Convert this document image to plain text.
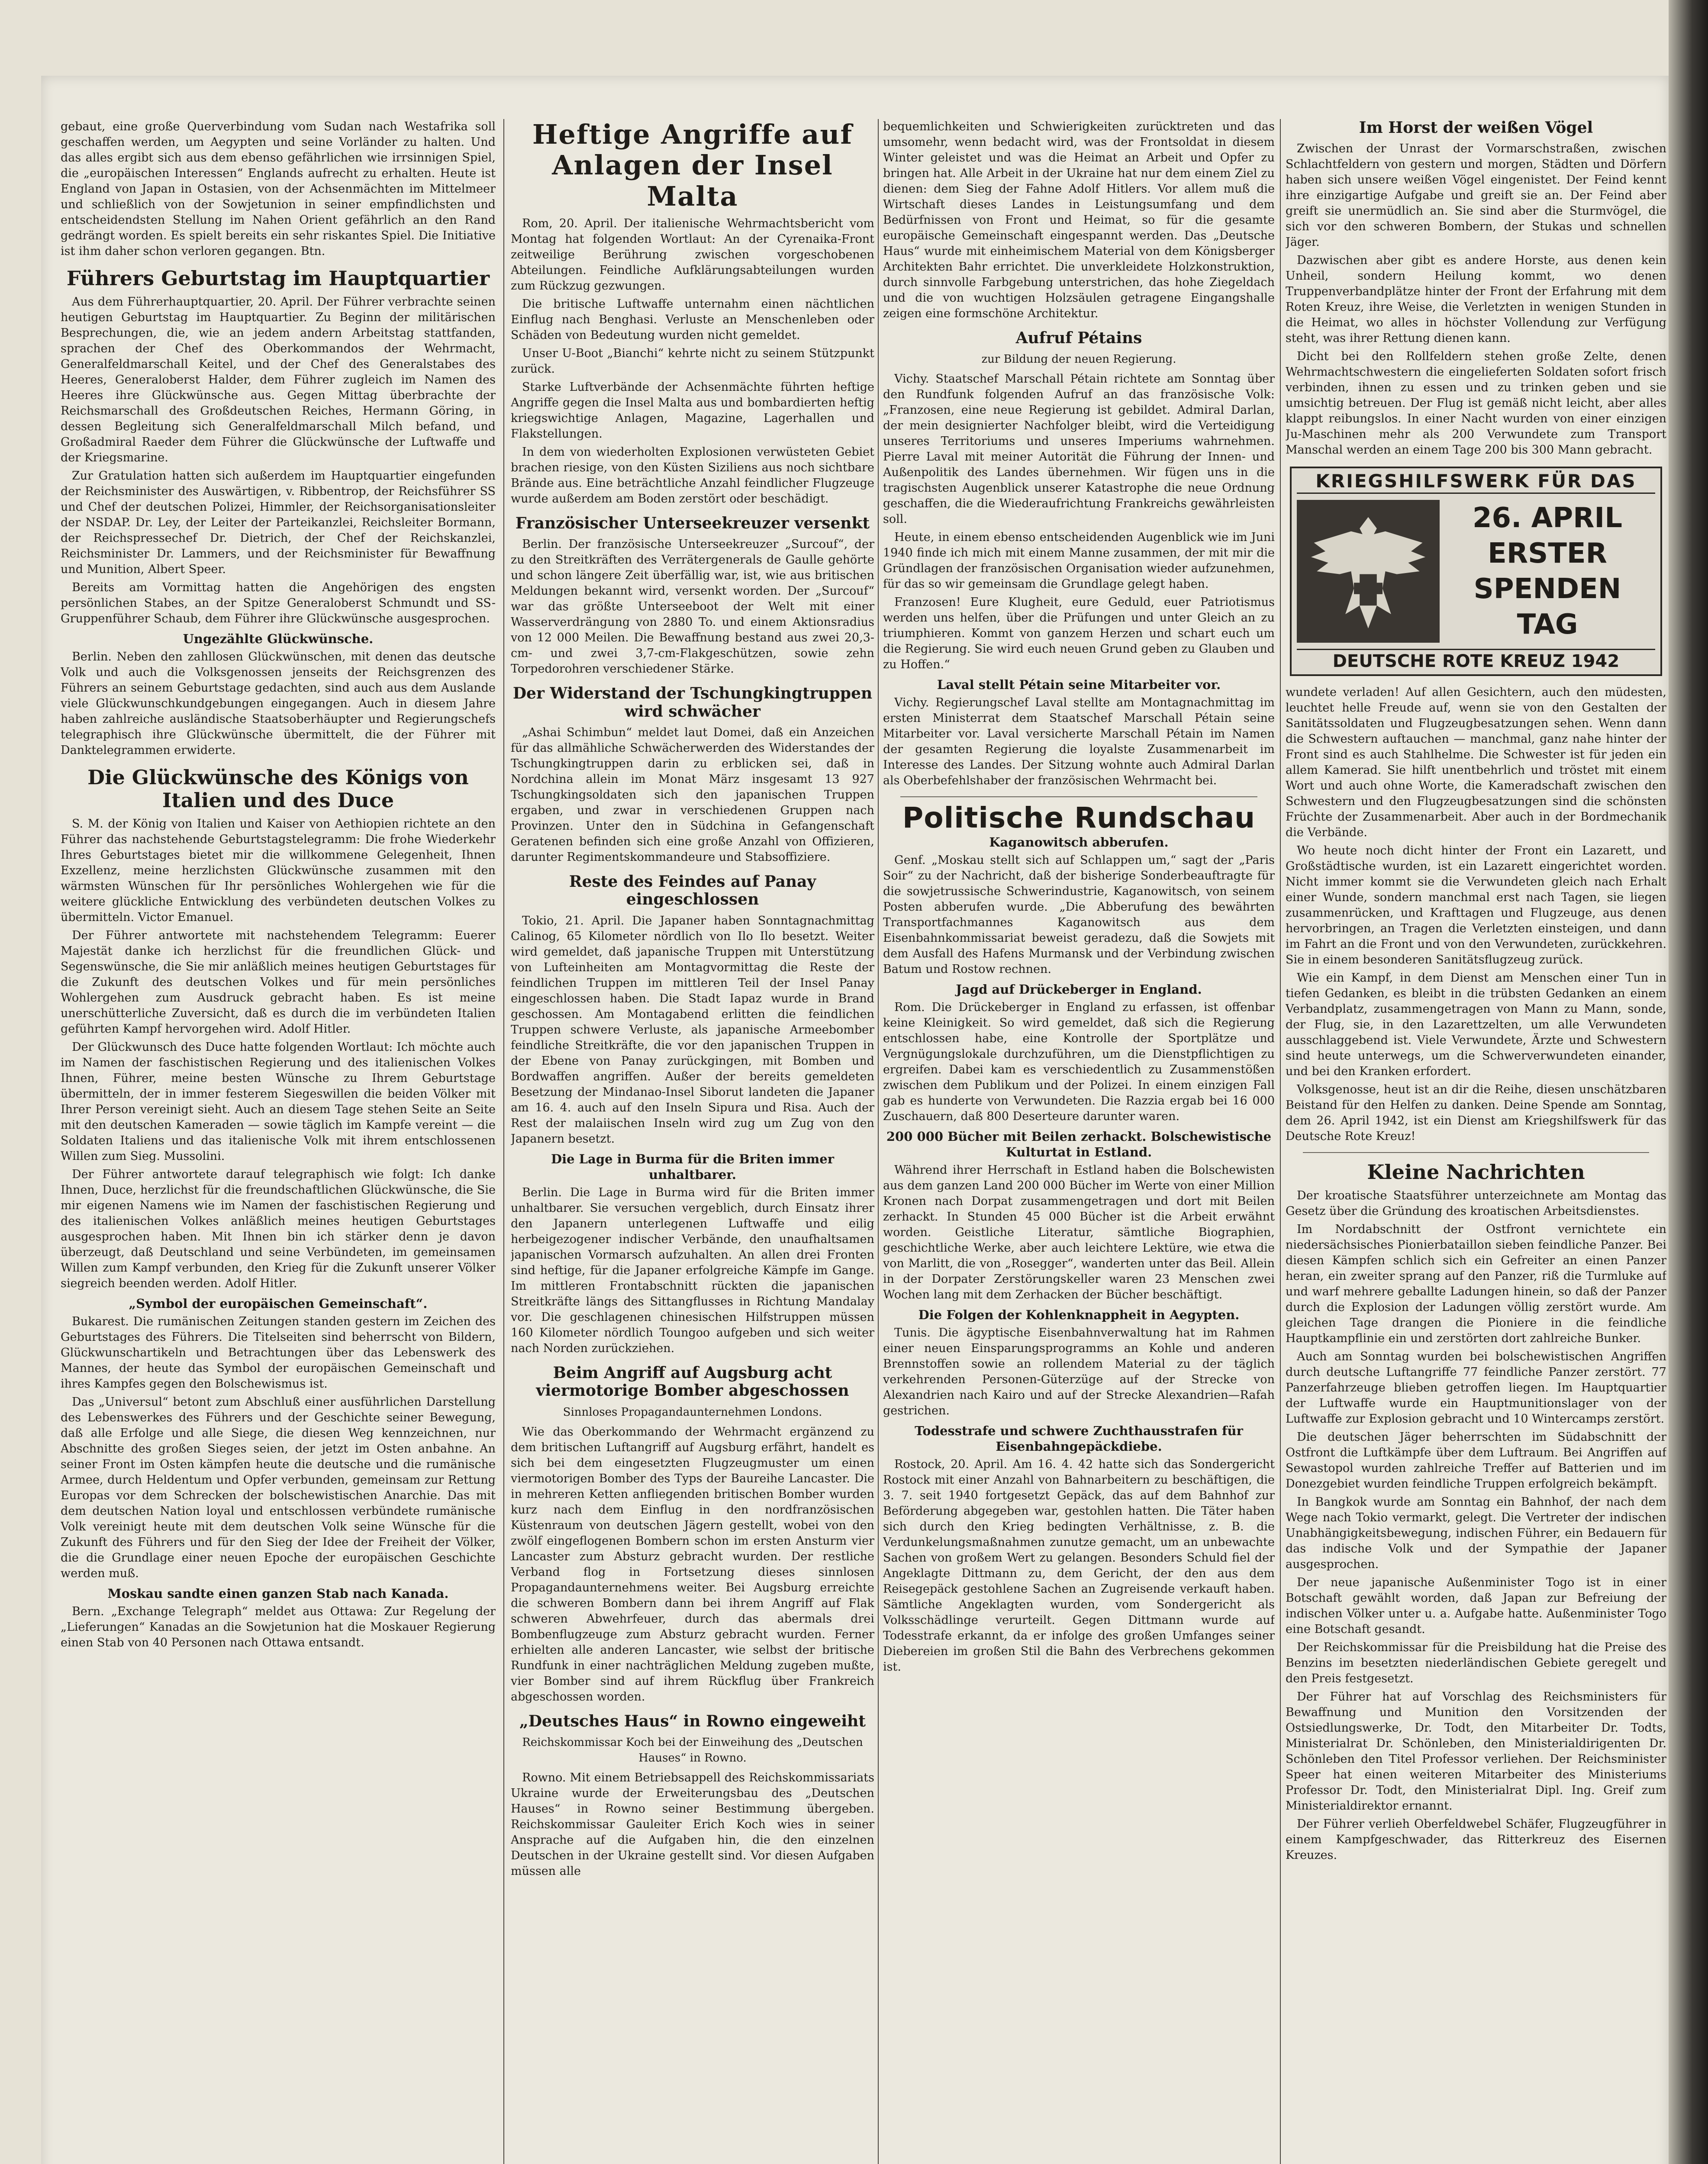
gebaut, eine große Querverbindung vom Sudan nach Westafrika soll geschaffen werden, um Aegypten und seine Vorländer zu halten. Und das alles ergibt sich aus dem ebenso gefährlichen wie irrsinnigen Spiel, die „europäischen Interessen“ Englands aufrecht zu erhalten. Heute ist England von Japan in Ostasien, von der Achsenmächten im Mittelmeer und schließlich von der Sowjetunion in seiner empfindlichsten und entscheidendsten Stellung im Nahen Orient gefährlich an den Rand gedrängt worden. Es spielt bereits ein sehr riskantes Spiel. Die Initiative ist ihm daher schon verloren gegangen. Btn.

Führers Geburtstag im Hauptquartier

Aus dem Führerhauptquartier, 20. April. Der Führer verbrachte seinen heutigen Geburtstag im Hauptquartier. Zu Beginn der militärischen Besprechungen, die, wie an jedem andern Arbeitstag stattfanden, sprachen der Chef des Oberkommandos der Wehrmacht, Generalfeldmarschall Keitel, und der Chef des Generalstabes des Heeres, Generaloberst Halder, dem Führer zugleich im Namen des Heeres ihre Glückwünsche aus. Gegen Mittag überbrachte der Reichsmarschall des Großdeutschen Reiches, Hermann Göring, in dessen Begleitung sich Generalfeldmarschall Milch befand, und Großadmiral Raeder dem Führer die Glückwünsche der Luftwaffe und der Kriegsmarine.

Zur Gratulation hatten sich außerdem im Hauptquartier eingefunden der Reichsminister des Auswärtigen, v. Ribbentrop, der Reichsführer SS und Chef der deutschen Polizei, Himmler, der Reichsorganisationsleiter der NSDAP. Dr. Ley, der Leiter der Parteikanzlei, Reichsleiter Bormann, der Reichspressechef Dr. Dietrich, der Chef der Reichskanzlei, Reichsminister Dr. Lammers, und der Reichsminister für Bewaffnung und Munition, Albert Speer.

Bereits am Vormittag hatten die Angehörigen des engsten persönlichen Stabes, an der Spitze Generaloberst Schmundt und SS-Gruppenführer Schaub, dem Führer ihre Glückwünsche ausgesprochen.

Ungezählte Glückwünsche.

Berlin. Neben den zahllosen Glückwünschen, mit denen das deutsche Volk und auch die Volksgenossen jenseits der Reichsgrenzen des Führers an seinem Geburtstage gedachten, sind auch aus dem Auslande viele Glückwunschkundgebungen eingegangen. Auch in diesem Jahre haben zahlreiche ausländische Staatsoberhäupter und Regierungschefs telegraphisch ihre Glückwünsche übermittelt, die der Führer mit Danktelegrammen erwiderte.

Die Glückwünsche des Königs von Italien und des Duce

S. M. der König von Italien und Kaiser von Aethiopien richtete an den Führer das nachstehende Geburtstagstelegramm: Die frohe Wiederkehr Ihres Geburtstages bietet mir die willkommene Gelegenheit, Ihnen Exzellenz, meine herzlichsten Glückwünsche zusammen mit den wärmsten Wünschen für Ihr persönliches Wohlergehen wie für die weitere glückliche Entwicklung des verbündeten deutschen Volkes zu übermitteln. Victor Emanuel.

Der Führer antwortete mit nachstehendem Telegramm: Euerer Majestät danke ich herzlichst für die freundlichen Glück- und Segenswünsche, die Sie mir anläßlich meines heutigen Geburtstages für die Zukunft des deutschen Volkes und für mein persönliches Wohlergehen zum Ausdruck gebracht haben. Es ist meine unerschütterliche Zuversicht, daß es durch die im verbündeten Italien geführten Kampf hervorgehen wird. Adolf Hitler.

Der Glückwunsch des Duce hatte folgenden Wortlaut: Ich möchte auch im Namen der faschistischen Regierung und des italienischen Volkes Ihnen, Führer, meine besten Wünsche zu Ihrem Geburtstage übermitteln, der in immer festerem Siegeswillen die beiden Völker mit Ihrer Person vereinigt sieht. Auch an diesem Tage stehen Seite an Seite mit den deutschen Kameraden — sowie täglich im Kampfe vereint — die Soldaten Italiens und das italienische Volk mit ihrem entschlossenen Willen zum Sieg. Mussolini.

Der Führer antwortete darauf telegraphisch wie folgt: Ich danke Ihnen, Duce, herzlichst für die freundschaftlichen Glückwünsche, die Sie mir eigenen Namens wie im Namen der faschistischen Regierung und des italienischen Volkes anläßlich meines heutigen Geburtstages ausgesprochen haben. Mit Ihnen bin ich stärker denn je davon überzeugt, daß Deutschland und seine Verbündeten, im gemeinsamen Willen zum Kampf verbunden, den Krieg für die Zukunft unserer Völker siegreich beenden werden. Adolf Hitler.

„Symbol der europäischen Gemeinschaft“.

Bukarest. Die rumänischen Zeitungen standen gestern im Zeichen des Geburtstages des Führers. Die Titelseiten sind beherrscht von Bildern, Glückwunschartikeln und Betrachtungen über das Lebenswerk des Mannes, der heute das Symbol der europäischen Gemeinschaft und ihres Kampfes gegen den Bolschewismus ist.

Das „Universul“ betont zum Abschluß einer ausführlichen Darstellung des Lebenswerkes des Führers und der Geschichte seiner Bewegung, daß alle Erfolge und alle Siege, die diesen Weg kennzeichnen, nur Abschnitte des großen Sieges seien, der jetzt im Osten anbahne. An seiner Front im Osten kämpfen heute die deutsche und die rumänische Armee, durch Heldentum und Opfer verbunden, gemeinsam zur Rettung Europas vor dem Schrecken der bolschewistischen Anarchie. Das mit dem deutschen Nation loyal und entschlossen verbündete rumänische Volk vereinigt heute mit dem deutschen Volk seine Wünsche für die Zukunft des Führers und für den Sieg der Idee der Freiheit der Völker, die die Grundlage einer neuen Epoche der europäischen Geschichte werden muß.

Moskau sandte einen ganzen Stab nach Kanada.

Bern. „Exchange Telegraph“ meldet aus Ottawa: Zur Regelung der „Lieferungen“ Kanadas an die Sowjetunion hat die Moskauer Regierung einen Stab von 40 Personen nach Ottawa entsandt.

Heftige Angriffe auf Anlagen der Insel Malta

Rom, 20. April. Der italienische Wehrmachtsbericht vom Montag hat folgenden Wortlaut: An der Cyrenaika-Front zeitweilige Berührung zwischen vorgeschobenen Abteilungen. Feindliche Aufklärungsabteilungen wurden zum Rückzug gezwungen.

Die britische Luftwaffe unternahm einen nächtlichen Einflug nach Benghasi. Verluste an Menschenleben oder Schäden von Bedeutung wurden nicht gemeldet.

Unser U-Boot „Bianchi“ kehrte nicht zu seinem Stützpunkt zurück.

Starke Luftverbände der Achsenmächte führten heftige Angriffe gegen die Insel Malta aus und bombardierten heftig kriegswichtige Anlagen, Magazine, Lagerhallen und Flakstellungen.

In dem von wiederholten Explosionen verwüsteten Gebiet brachen riesige, von den Küsten Siziliens aus noch sichtbare Brände aus. Eine beträchtliche Anzahl feindlicher Flugzeuge wurde außerdem am Boden zerstört oder beschädigt.

Französischer Unterseekreuzer versenkt

Berlin. Der französische Unterseekreuzer „Surcouf“, der zu den Streitkräften des Verrätergenerals de Gaulle gehörte und schon längere Zeit überfällig war, ist, wie aus britischen Meldungen bekannt wird, versenkt worden. Der „Surcouf“ war das größte Unterseeboot der Welt mit einer Wasserverdrängung von 2880 To. und einem Aktionsradius von 12 000 Meilen. Die Bewaffnung bestand aus zwei 20,3-cm- und zwei 3,7-cm-Flakgeschützen, sowie zehn Torpedorohren verschiedener Stärke.

Der Widerstand der Tschungkingtruppen wird schwächer

„Ashai Schimbun“ meldet laut Domei, daß ein Anzeichen für das allmähliche Schwächerwerden des Widerstandes der Tschungkingtruppen darin zu erblicken sei, daß in Nordchina allein im Monat März insgesamt 13 927 Tschungkingsoldaten sich den japanischen Truppen ergaben, und zwar in verschiedenen Gruppen nach Provinzen. Unter den in Südchina in Gefangenschaft Geratenen befinden sich eine große Anzahl von Offizieren, darunter Regimentskommandeure und Stabsoffiziere.

Reste des Feindes auf Panay eingeschlossen

Tokio, 21. April. Die Japaner haben Sonntagnachmittag Calinog, 65 Kilometer nördlich von Ilo Ilo besetzt. Weiter wird gemeldet, daß japanische Truppen mit Unterstützung von Lufteinheiten am Montagvormittag die Reste der feindlichen Truppen im mittleren Teil der Insel Panay eingeschlossen haben. Die Stadt Iapaz wurde in Brand geschossen. Am Montagabend erlitten die feindlichen Truppen schwere Verluste, als japanische Armeebomber feindliche Streitkräfte, die vor den japanischen Truppen in der Ebene von Panay zurückgingen, mit Bomben und Bordwaffen angriffen. Außer der bereits gemeldeten Besetzung der Mindanao-Insel Siborut landeten die Japaner am 16. 4. auch auf den Inseln Sipura und Risa. Auch der Rest der malaiischen Inseln wird zug um Zug von den Japanern besetzt.

Die Lage in Burma für die Briten immer unhaltbarer.

Berlin. Die Lage in Burma wird für die Briten immer unhaltbarer. Sie versuchen vergeblich, durch Einsatz ihrer den Japanern unterlegenen Luftwaffe und eilig herbeigezogener indischer Verbände, den unaufhaltsamen japanischen Vormarsch aufzuhalten. An allen drei Fronten sind heftige, für die Japaner erfolgreiche Kämpfe im Gange. Im mittleren Frontabschnitt rückten die japanischen Streitkräfte längs des Sittangflusses in Richtung Mandalay vor. Die geschlagenen chinesischen Hilfstruppen müssen 160 Kilometer nördlich Toungoo aufgeben und sich weiter nach Norden zurückziehen.

Beim Angriff auf Augsburg acht viermotorige Bomber abgeschossen
Sinnloses Propagandaunternehmen Londons.

Wie das Oberkommando der Wehrmacht ergänzend zu dem britischen Luftangriff auf Augsburg erfährt, handelt es sich bei dem eingesetzten Flugzeugmuster um einen viermotorigen Bomber des Typs der Baureihe Lancaster. Die in mehreren Ketten anfliegenden britischen Bomber wurden kurz nach dem Einflug in den nordfranzösischen Küstenraum von deutschen Jägern gestellt, wobei von den zwölf eingeflogenen Bombern schon im ersten Ansturm vier Lancaster zum Absturz gebracht wurden. Der restliche Verband flog in Fortsetzung dieses sinnlosen Propagandaunternehmens weiter. Bei Augsburg erreichte die schweren Bombern dann bei ihrem Angriff auf Flak schweren Abwehrfeuer, durch das abermals drei Bombenflugzeuge zum Absturz gebracht wurden. Ferner erhielten alle anderen Lancaster, wie selbst der britische Rundfunk in einer nachträglichen Meldung zugeben mußte, vier Bomber sind auf ihrem Rückflug über Frankreich abgeschossen worden.

„Deutsches Haus“ in Rowno eingeweiht
Reichskommissar Koch bei der Einweihung des „Deutschen Hauses“ in Rowno.

Rowno. Mit einem Betriebsappell des Reichskommissariats Ukraine wurde der Erweiterungsbau des „Deutschen Hauses“ in Rowno seiner Bestimmung übergeben. Reichskommissar Gauleiter Erich Koch wies in seiner Ansprache auf die Aufgaben hin, die den einzelnen Deutschen in der Ukraine gestellt sind. Vor diesen Aufgaben müssen alle

bequemlichkeiten und Schwierigkeiten zurücktreten und das umsomehr, wenn bedacht wird, was der Frontsoldat in diesem Winter geleistet und was die Heimat an Arbeit und Opfer zu bringen hat. Alle Arbeit in der Ukraine hat nur dem einem Ziel zu dienen: dem Sieg der Fahne Adolf Hitlers. Vor allem muß die Wirtschaft dieses Landes in Leistungsumfang und dem Bedürfnissen von Front und Heimat, so für die gesamte europäische Gemeinschaft eingespannt werden. Das „Deutsche Haus“ wurde mit einheimischem Material von dem Königsberger Architekten Bahr errichtet. Die unverkleidete Holzkonstruktion, durch sinnvolle Farbgebung unterstrichen, das hohe Ziegeldach und die von wuchtigen Holzsäulen getragene Eingangshalle zeigen eine formschöne Architektur.

Aufruf Pétains
zur Bildung der neuen Regierung.

Vichy. Staatschef Marschall Pétain richtete am Sonntag über den Rundfunk folgenden Aufruf an das französische Volk: „Franzosen, eine neue Regierung ist gebildet. Admiral Darlan, der mein designierter Nachfolger bleibt, wird die Verteidigung unseres Territoriums und unseres Imperiums wahrnehmen. Pierre Laval mit meiner Autorität die Führung der Innen- und Außenpolitik des Landes übernehmen. Wir fügen uns in die tragischsten Augenblick unserer Katastrophe die neue Ordnung geschaffen, die die Wiederaufrichtung Frankreichs gewährleisten soll.

Heute, in einem ebenso entscheidenden Augenblick wie im Juni 1940 finde ich mich mit einem Manne zusammen, der mit mir die Gründlagen der französischen Organisation wieder aufzunehmen, für das so wir gemeinsam die Grundlage gelegt haben.

Franzosen! Eure Klugheit, eure Geduld, euer Patriotismus werden uns helfen, über die Prüfungen und unter Gleich an zu triumphieren. Kommt von ganzem Herzen und schart euch um die Regierung. Sie wird euch neuen Grund geben zu Glauben und zu Hoffen.“

Laval stellt Pétain seine Mitarbeiter vor.

Vichy. Regierungschef Laval stellte am Montagnachmittag im ersten Ministerrat dem Staatschef Marschall Pétain seine Mitarbeiter vor. Laval versicherte Marschall Pétain im Namen der gesamten Regierung die loyalste Zusammenarbeit im Interesse des Landes. Der Sitzung wohnte auch Admiral Darlan als Oberbefehlshaber der französischen Wehrmacht bei.

Politische Rundschau
Kaganowitsch abberufen.

Genf. „Moskau stellt sich auf Schlappen um,“ sagt der „Paris Soir“ zu der Nachricht, daß der bisherige Sonderbeauftragte für die sowjetrussische Schwerindustrie, Kaganowitsch, von seinem Posten abberufen wurde. „Die Abberufung des bewährten Transportfachmannes Kaganowitsch aus dem Eisenbahnkommissariat beweist geradezu, daß die Sowjets mit dem Ausfall des Hafens Murmansk und der Verbindung zwischen Batum und Rostow rechnen.

Jagd auf Drückeberger in England.

Rom. Die Drückeberger in England zu erfassen, ist offenbar keine Kleinigkeit. So wird gemeldet, daß sich die Regierung entschlossen habe, eine Kontrolle der Sportplätze und Vergnügungslokale durchzuführen, um die Dienstpflichtigen zu ergreifen. Dabei kam es verschiedentlich zu Zusammenstößen zwischen dem Publikum und der Polizei. In einem einzigen Fall gab es hunderte von Verwundeten. Die Razzia ergab bei 16 000 Zuschauern, daß 800 Deserteure darunter waren.

200 000 Bücher mit Beilen zerhackt. Bolschewistische Kulturtat in Estland.

Während ihrer Herrschaft in Estland haben die Bolschewisten aus dem ganzen Land 200 000 Bücher im Werte von einer Million Kronen nach Dorpat zusammengetragen und dort mit Beilen zerhackt. In Stunden 45 000 Bücher ist die Arbeit erwähnt worden. Geistliche Literatur, sämtliche Biographien, geschichtliche Werke, aber auch leichtere Lektüre, wie etwa die von Marlitt, die von „Rosegger“, wanderten unter das Beil. Allein in der Dorpater Zerstörungskeller waren 23 Menschen zwei Wochen lang mit dem Zerhacken der Bücher beschäftigt.

Die Folgen der Kohlenknappheit in Aegypten.

Tunis. Die ägyptische Eisenbahnverwaltung hat im Rahmen einer neuen Einsparungsprogramms an Kohle und anderen Brennstoffen sowie an rollendem Material zu der täglich verkehrenden Personen-Güterzüge auf der Strecke von Alexandrien nach Kairo und auf der Strecke Alexandrien—Rafah gestrichen.

Todesstrafe und schwere Zuchthausstrafen für Eisenbahngepäckdiebe.

Rostock, 20. April. Am 16. 4. 42 hatte sich das Sondergericht Rostock mit einer Anzahl von Bahnarbeitern zu beschäftigen, die 3. 7. seit 1940 fortgesetzt Gepäck, das auf dem Bahnhof zur Beförderung abgegeben war, gestohlen hatten. Die Täter haben sich durch den Krieg bedingten Verhältnisse, z. B. die Verdunkelungsmaßnahmen zunutze gemacht, um an unbewachte Sachen von großem Wert zu gelangen. Besonders Schuld fiel der Angeklagte Dittmann zu, dem Gericht, der den aus dem Reisegepäck gestohlene Sachen an Zugreisende verkauft haben. Sämtliche Angeklagten wurden, vom Sondergericht als Volksschädlinge verurteilt. Gegen Dittmann wurde auf Todesstrafe erkannt, da er infolge des großen Umfanges seiner Diebereien im großen Stil die Bahn des Verbrechens gekommen ist.

Im Horst der weißen Vögel

Zwischen der Unrast der Vormarschstraßen, zwischen Schlachtfeldern von gestern und morgen, Städten und Dörfern haben sich unsere weißen Vögel eingenistet. Der Feind kennt ihre einzigartige Aufgabe und greift sie an. Der Feind aber greift sie unermüdlich an. Sie sind aber die Sturmvögel, die sich vor den schweren Bombern, der Stukas und schnellen Jäger.

Dazwischen aber gibt es andere Horste, aus denen kein Unheil, sondern Heilung kommt, wo denen Truppenverbandplätze hinter der Front der Erfahrung mit dem Roten Kreuz, ihre Weise, die Verletzten in wenigen Stunden in die Heimat, wo alles in höchster Vollendung zur Verfügung steht, was ihrer Rettung dienen kann.

Dicht bei den Rollfeldern stehen große Zelte, denen Wehrmachtschwestern die eingelieferten Soldaten sofort frisch verbinden, ihnen zu essen und zu trinken geben und sie umsichtig betreuen. Der Flug ist gemäß nicht leicht, aber alles klappt reibungslos. In einer Nacht wurden von einer einzigen Ju-Maschinen mehr als 200 Verwundete zum Transport Manschal werden an einem Tage 200 bis 300 Mann gebracht.

KRIEGSHILFSWERK FÜR DAS
26. APRIL
ERSTER
SPENDEN
TAG
DEUTSCHE ROTE KREUZ 1942

wundete verladen! Auf allen Gesichtern, auch den müdesten, leuchtet helle Freude auf, wenn sie von den Gestalten der Sanitätssoldaten und Flugzeugbesatzungen sehen. Wenn dann die Schwestern auftauchen — manchmal, ganz nahe hinter der Front sind es auch Stahlhelme. Die Schwester ist für jeden ein allem Kamerad. Sie hilft unentbehrlich und tröstet mit einem Wort und auch ohne Worte, die Kameradschaft zwischen den Schwestern und den Flugzeugbesatzungen sind die schönsten Früchte der Zusammenarbeit. Aber auch in der Bordmechanik die Verbände.

Wo heute noch dicht hinter der Front ein Lazarett, und Großstädtische wurden, ist ein Lazarett eingerichtet worden. Nicht immer kommt sie die Verwundeten gleich nach Erhalt einer Wunde, sondern manchmal erst nach Tagen, sie liegen zusammenrücken, und Krafttagen und Flugzeuge, aus denen hervorbringen, an Tragen die Verletzten einsteigen, und dann im Fahrt an die Front und von den Verwundeten, zurückkehren. Sie in einem besonderen Sanitätsflugzeug zurück.

Wie ein Kampf, in dem Dienst am Menschen einer Tun in tiefen Gedanken, es bleibt in die trübsten Gedanken an einem Verbandplatz, zusammengetragen von Mann zu Mann, sonde, der Flug, sie, in den Lazarettzelten, um alle Verwundeten ausschlaggebend ist. Viele Verwundete, Ärzte und Schwestern sind heute unterwegs, um die Schwerverwundeten einander, und bei den Kranken erfordert.

Volksgenosse, heut ist an dir die Reihe, diesen unschätzbaren Beistand für den Helfen zu danken. Deine Spende am Sonntag, dem 26. April 1942, ist ein Dienst am Kriegshilfswerk für das Deutsche Rote Kreuz!

Kleine Nachrichten

Der kroatische Staatsführer unterzeichnete am Montag das Gesetz über die Gründung des kroatischen Arbeitsdienstes.

Im Nordabschnitt der Ostfront vernichtete ein niedersächsisches Pionierbataillon sieben feindliche Panzer. Bei diesen Kämpfen schlich sich ein Gefreiter an einen Panzer heran, ein zweiter sprang auf den Panzer, riß die Turmluke auf und warf mehrere geballte Ladungen hinein, so daß der Panzer durch die Explosion der Ladungen völlig zerstört wurde. Am gleichen Tage drangen die Pioniere in die feindliche Hauptkampflinie ein und zerstörten dort zahlreiche Bunker.

Auch am Sonntag wurden bei bolschewistischen Angriffen durch deutsche Luftangriffe 77 feindliche Panzer zerstört. 77 Panzerfahrzeuge blieben getroffen liegen. Im Hauptquartier der Luftwaffe wurde ein Hauptmunitionslager von der Luftwaffe zur Explosion gebracht und 10 Wintercamps zerstört.

Die deutschen Jäger beherrschten im Südabschnitt der Ostfront die Luftkämpfe über dem Luftraum. Bei Angriffen auf Sewastopol wurden zahlreiche Treffer auf Batterien und im Donezgebiet wurden feindliche Truppen erfolgreich bekämpft.

In Bangkok wurde am Sonntag ein Bahnhof, der nach dem Wege nach Tokio vermarkt, gelegt. Die Vertreter der indischen Unabhängigkeitsbewegung, indischen Führer, ein Bedauern für das indische Volk und der Sympathie der Japaner ausgesprochen.

Der neue japanische Außenminister Togo ist in einer Botschaft gewählt worden, daß Japan zur Befreiung der indischen Völker unter u. a. Aufgabe hatte. Außenminister Togo eine Botschaft gesandt.

Der Reichskommissar für die Preisbildung hat die Preise des Benzins im besetzten niederländischen Gebiete geregelt und den Preis festgesetzt.

Der Führer hat auf Vorschlag des Reichsministers für Bewaffnung und Munition den Vorsitzenden der Ostsiedlungswerke, Dr. Todt, den Mitarbeiter Dr. Todts, Ministerialrat Dr. Schönleben, den Ministerialdirigenten Dr. Schönleben den Titel Professor verliehen. Der Reichsminister Speer hat einen weiteren Mitarbeiter des Ministeriums Professor Dr. Todt, den Ministerialrat Dipl. Ing. Greif zum Ministerialdirektor ernannt.

Der Führer verlieh Oberfeldwebel Schäfer, Flugzeugführer in einem Kampfgeschwader, das Ritterkreuz des Eisernen Kreuzes.
